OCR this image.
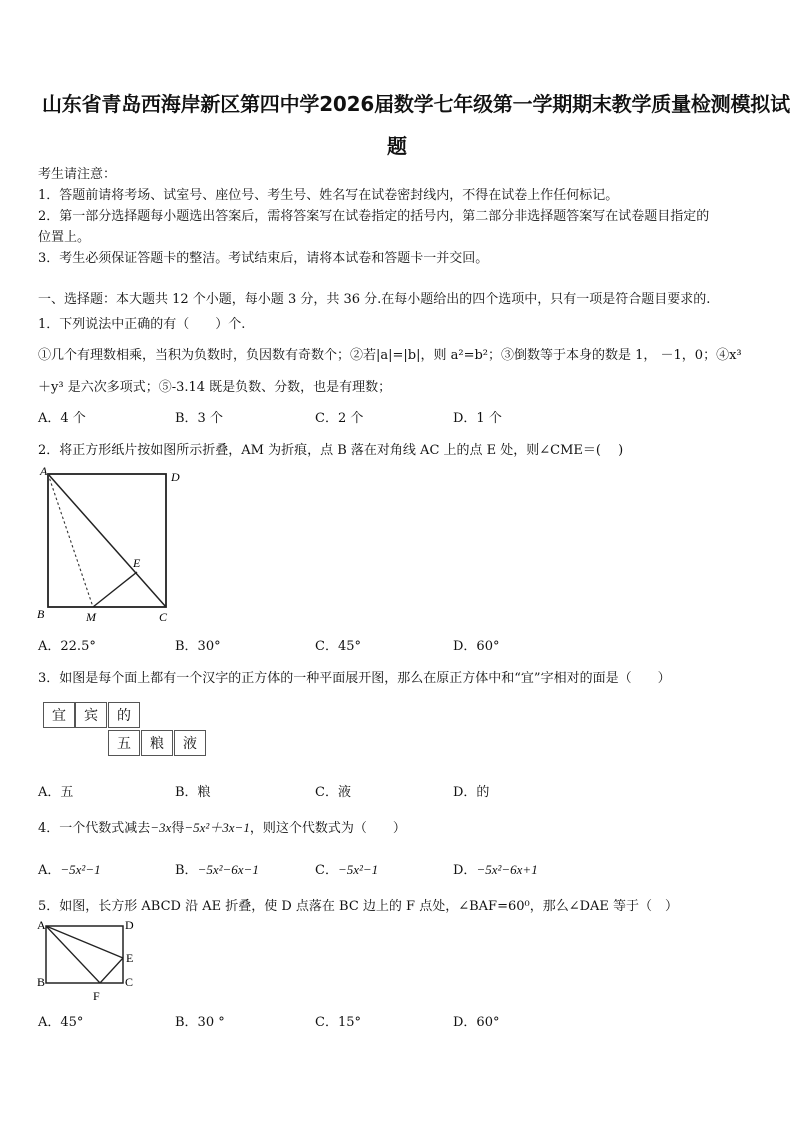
山东省青岛西海岸新区第四中学2026届数学七年级第一学期期末教学质量检测模拟试
题
考生请注意：
1．答题前请将考场、试室号、座位号、考生号、姓名写在试卷密封线内，不得在试卷上作任何标记。
2．第一部分选择题每小题选出答案后，需将答案写在试卷指定的括号内，第二部分非选择题答案写在试卷题目指定的
位置上。
3．考生必须保证答题卡的整洁。考试结束后，请将本试卷和答题卡一并交回。
一、选择题：本大题共 12 个小题，每小题 3 分，共 36 分.在每小题给出的四个选项中，只有一项是符合题目要求的.
1．下列说法中正确的有（　　）个.
①几个有理数相乘，当积为负数时，负因数有奇数个；②若|a|=|b|，则 a²=b²；③倒数等于本身的数是 1， －1，0；④x³
＋y³ 是六次多项式；⑤-3.14 既是负数、分数，也是有理数；
A．4 个	B．3 个	C．2 个	D．1 个
2．将正方形纸片按如图所示折叠，AM 为折痕，点 B 落在对角线 AC 上的点 E 处，则∠CME＝(　 )
A	D
B	M	C
E
A．22.5°	B．30°	C．45°	D．60°
3．如图是每个面上都有一个汉字的正方体的一种平面展开图，那么在原正方体中和“宜”字相对的面是（　　）
宜	宾	的
五	粮	液
A．五	B．粮	C．液	D．的
4．一个代数式减去−3x得−5x²＋3x−1，则这个代数式为（　　）
A．−5x²−1	B．−5x²−6x−1	C．−5x²−1	D．−5x²−6x+1
5．如图，长方形 ABCD 沿 AE 折叠，使 D 点落在 BC 边上的 F 点处，∠BAF=60⁰，那么∠DAE 等于（　）
A	D
E
B	C
F
A．45°	B．30 °	C．15°	D．60°
